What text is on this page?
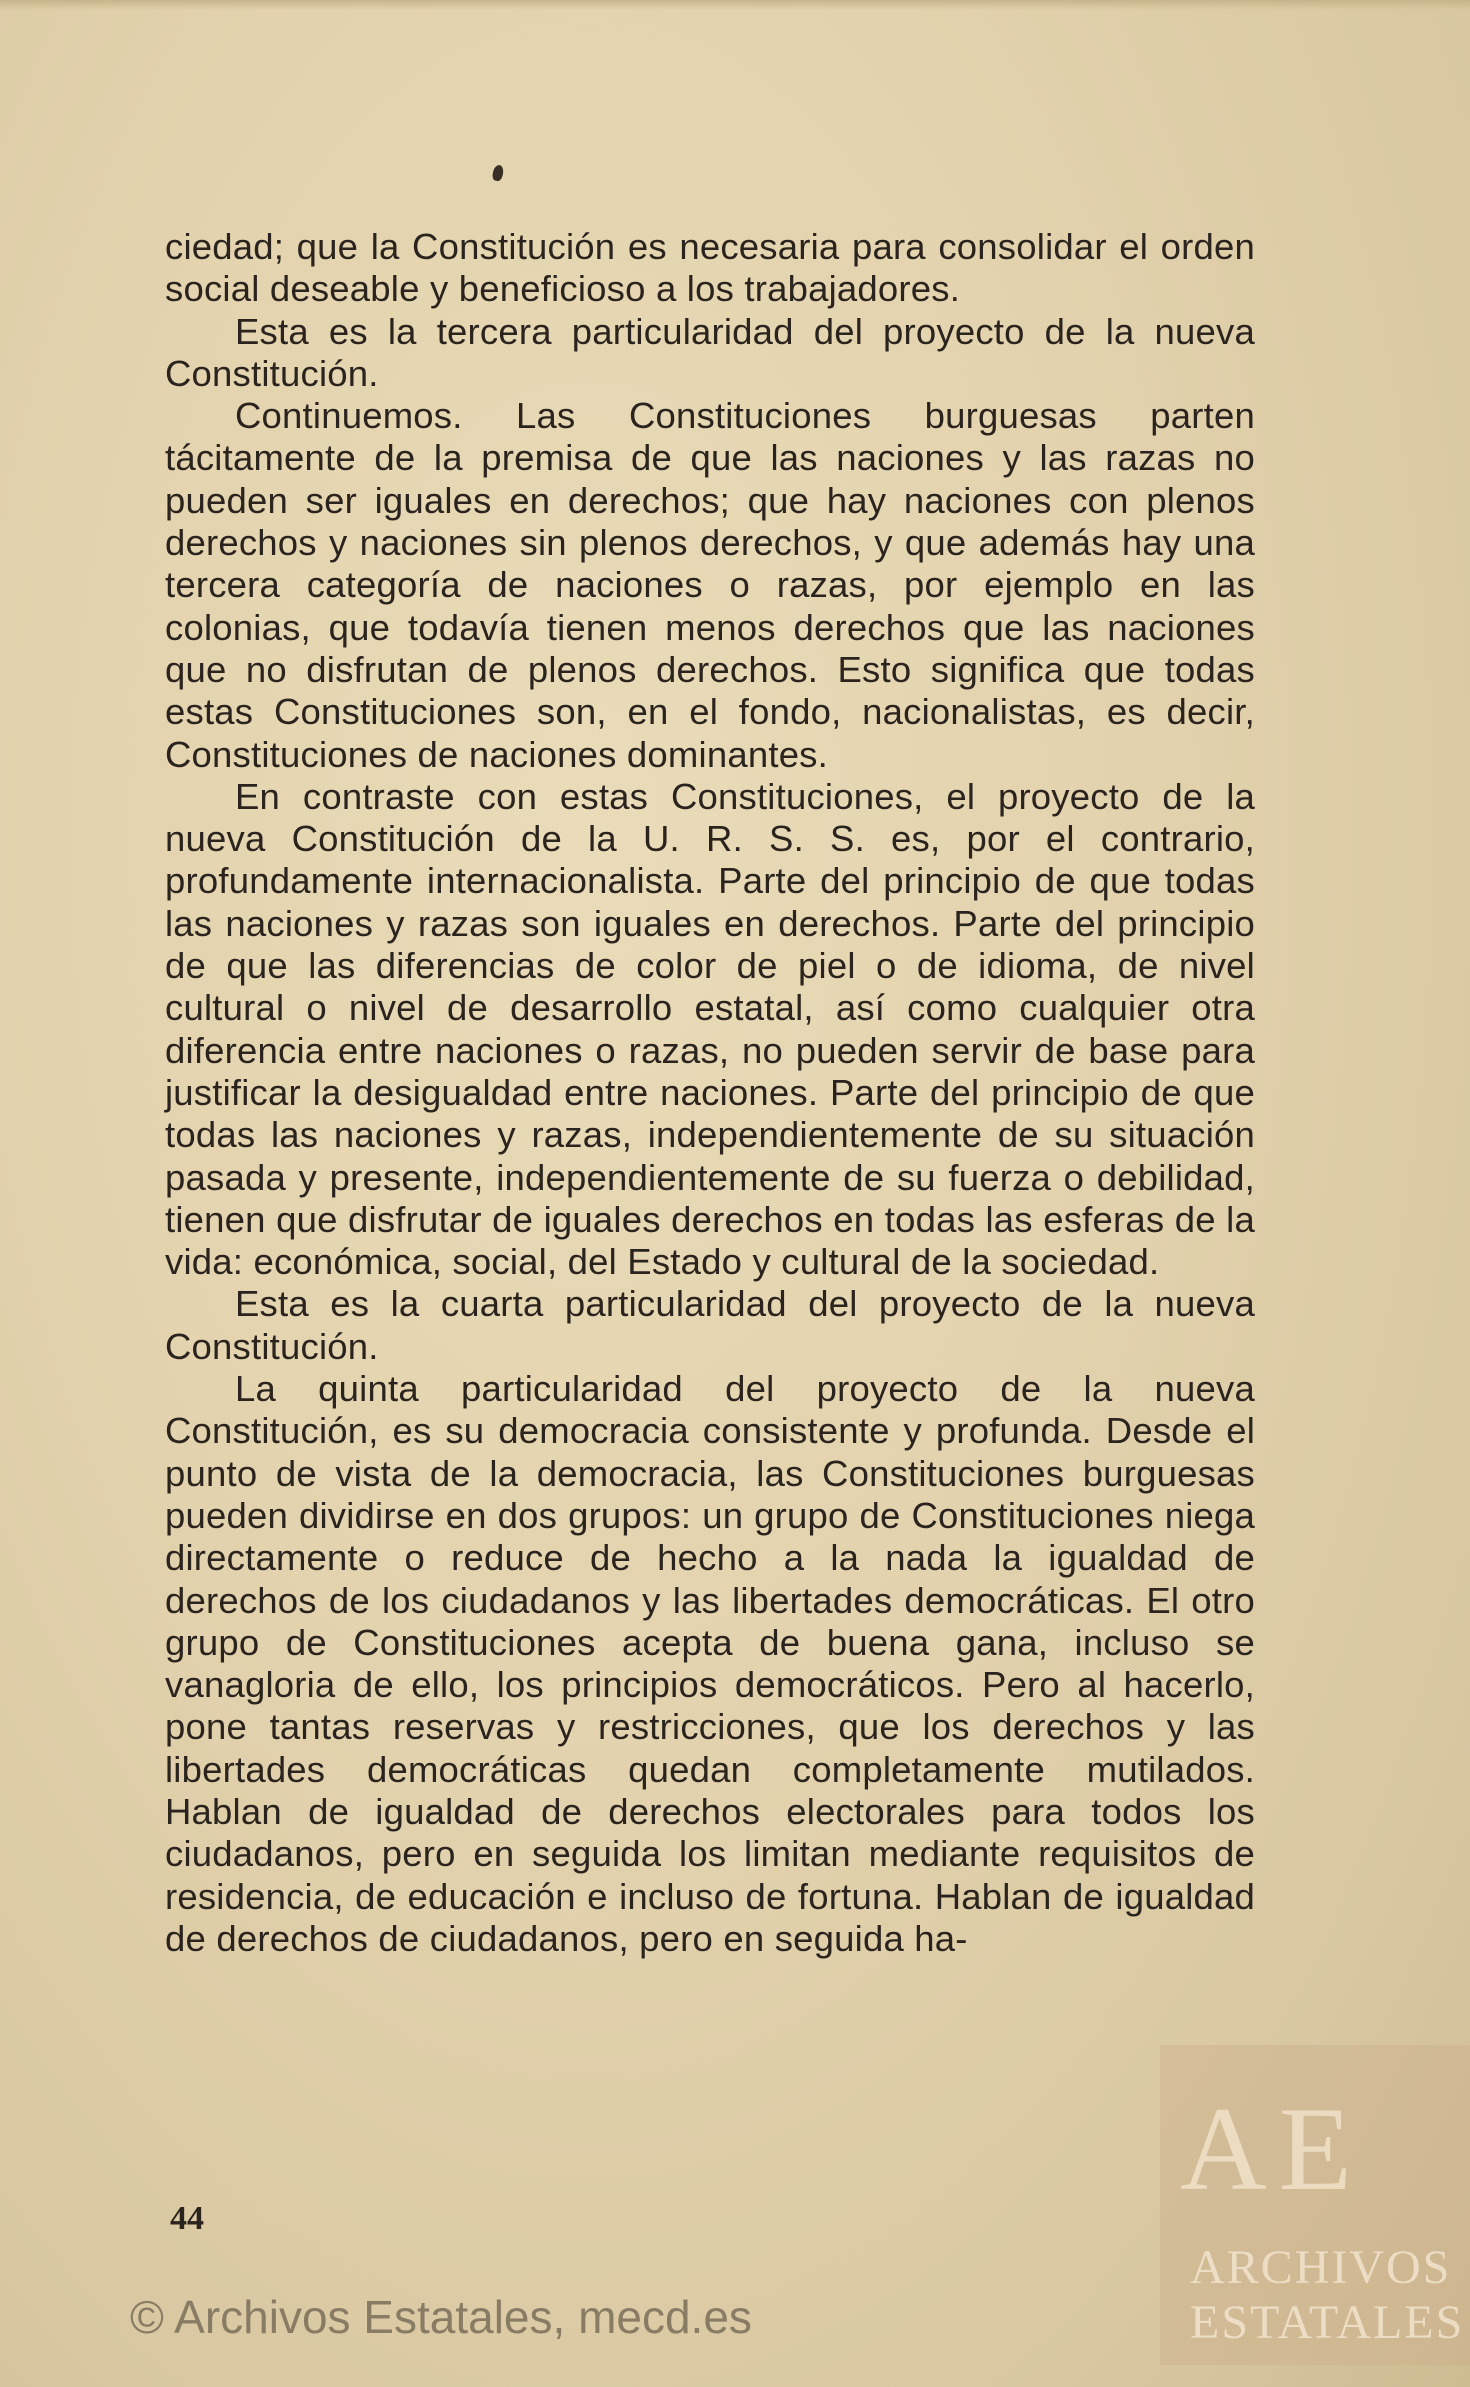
ciedad; que la Constitución es necesaria para consolidar el orden social deseable y beneficioso a los trabajadores.

Esta es la tercera particularidad del proyecto de la nueva Constitución.

Continuemos. Las Constituciones burguesas parten tácitamente de la premisa de que las naciones y las razas no pueden ser iguales en derechos; que hay naciones con plenos derechos y naciones sin plenos derechos, y que además hay una tercera categoría de naciones o razas, por ejemplo en las colonias, que todavía tienen menos derechos que las naciones que no disfrutan de plenos derechos. Esto significa que todas estas Constituciones son, en el fondo, nacionalistas, es decir, Constituciones de naciones dominantes.

En contraste con estas Constituciones, el proyecto de la nueva Constitución de la U. R. S. S. es, por el contrario, profundamente internacionalista. Parte del principio de que todas las naciones y razas son iguales en derechos. Parte del principio de que las diferencias de color de piel o de idioma, de nivel cultural o nivel de desarrollo estatal, así como cualquier otra diferencia entre naciones o razas, no pueden servir de base para justificar la desigualdad entre naciones. Parte del principio de que todas las naciones y razas, independientemente de su situación pasada y presente, independientemente de su fuerza o debilidad, tienen que disfrutar de iguales derechos en todas las esferas de la vida: económica, social, del Estado y cultural de la sociedad.

Esta es la cuarta particularidad del proyecto de la nueva Constitución.

La quinta particularidad del proyecto de la nueva Constitución, es su democracia consistente y profunda. Desde el punto de vista de la democracia, las Constituciones burguesas pueden dividirse en dos grupos: un grupo de Constituciones niega directamente o reduce de hecho a la nada la igualdad de derechos de los ciudadanos y las libertades democráticas. El otro grupo de Constituciones acepta de buena gana, incluso se vanagloria de ello, los principios democráticos. Pero al hacerlo, pone tantas reservas y restricciones, que los derechos y las libertades democráticas quedan completamente mutilados. Hablan de igualdad de derechos electorales para todos los ciudadanos, pero en seguida los limitan mediante requisitos de residencia, de educación e incluso de fortuna. Hablan de igualdad de derechos de ciudadanos, pero en seguida ha-

44
AE
ARCHIVOS
ESTATALES
© Archivos Estatales, mecd.es
